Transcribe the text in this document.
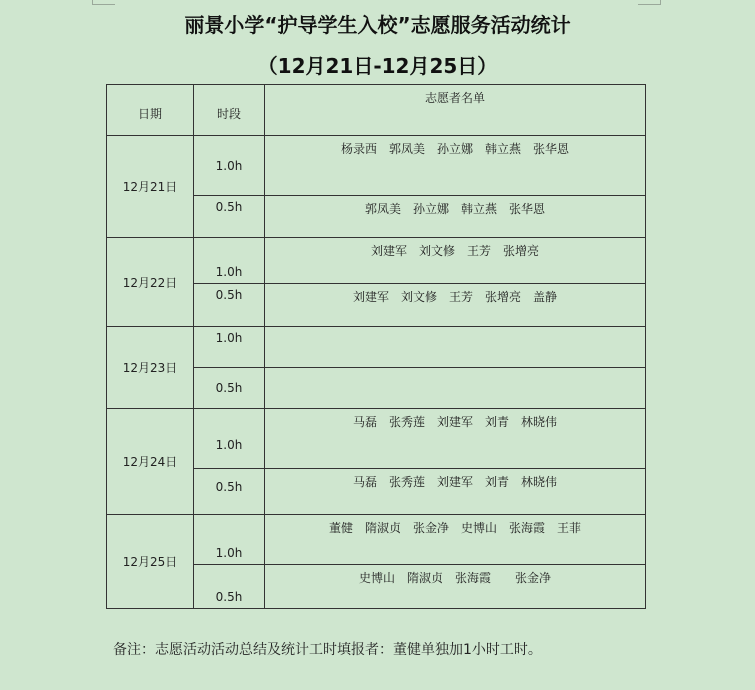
丽景小学“护导学生入校”志愿服务活动统计
（12月21日-12月25日）
日期	时段	志愿者名单
12月21日	1.0h	杨录西　郭凤美　孙立娜　韩立燕　张华恩
	0.5h	郭凤美　孙立娜　韩立燕　张华恩
12月22日	1.0h	刘建军　刘文修　王芳　张增亮
	0.5h	刘建军　刘文修　王芳　张增亮　盖静
12月23日	1.0h	
	0.5h	
12月24日	1.0h	马磊　张秀莲　刘建军　刘青　林晓伟
	0.5h	马磊　张秀莲　刘建军　刘青　林晓伟
12月25日	1.0h	董健　隋淑贞　张金净　史博山　张海霞　王菲
	0.5h	史博山　隋淑贞　张海霞　　张金净
备注：志愿活动活动总结及统计工时填报者：董健单独加1小时工时。
